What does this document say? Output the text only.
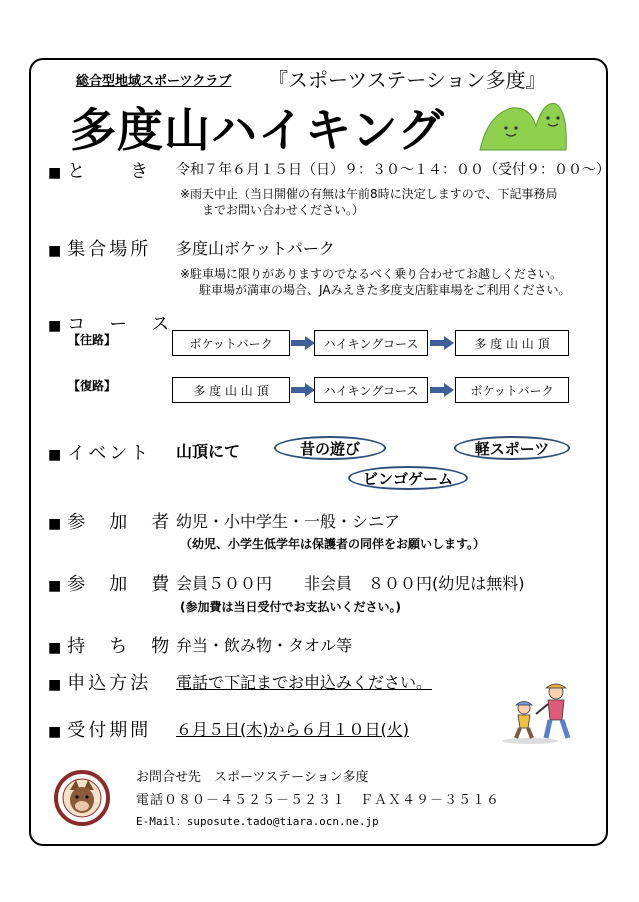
総合型地域スポーツクラブ 『スポーツステーション多度』
多度山ハイキング
■ と　　き 令和７年６月１５日（日）９：３０～１４：００（受付９：００～）
※雨天中止（当日開催の有無は午前8時に決定しますので、下記事務局
までお問い合わせください。）
■ 集合場所 多度山ボケットパーク
※駐車場に限りがありますのでなるべく乗り合わせてお越しください。
駐車場が満車の場合、JAみえきた多度支店駐車場をご利用ください。
■ コ　ー　ス
【往路】
【復路】
ボケットバーク	ハイキングコース	多 度 山 山 頂
多 度 山 山 頂	ハイキングコース	ボケットバーク
■ イベント 山頂にて	昔の遊び	軽スポーツ
ビンゴゲーム
■ 参　加　者 幼児・小中学生・一般・シニア
（幼児、小学生低学年は保護者の同伴をお願いします。）
■ 参　加　費 会員５００円　　非会員　８００円(幼児は無料)
(参加費は当日受付でお支払いください。)
■ 持　ち　物 弁当・飲み物・タオル等
■ 申込方法 電話で下記までお申込みください。
■ 受付期間 ６月５日(木)から６月１０日(火)
お問合せ先　スポーツステーション多度
電話０８０－４５２５－５２３１　ＦＡＸ４９－３５１６
E-Mail：suposute.tado@tiara.ocn.ne.jp
